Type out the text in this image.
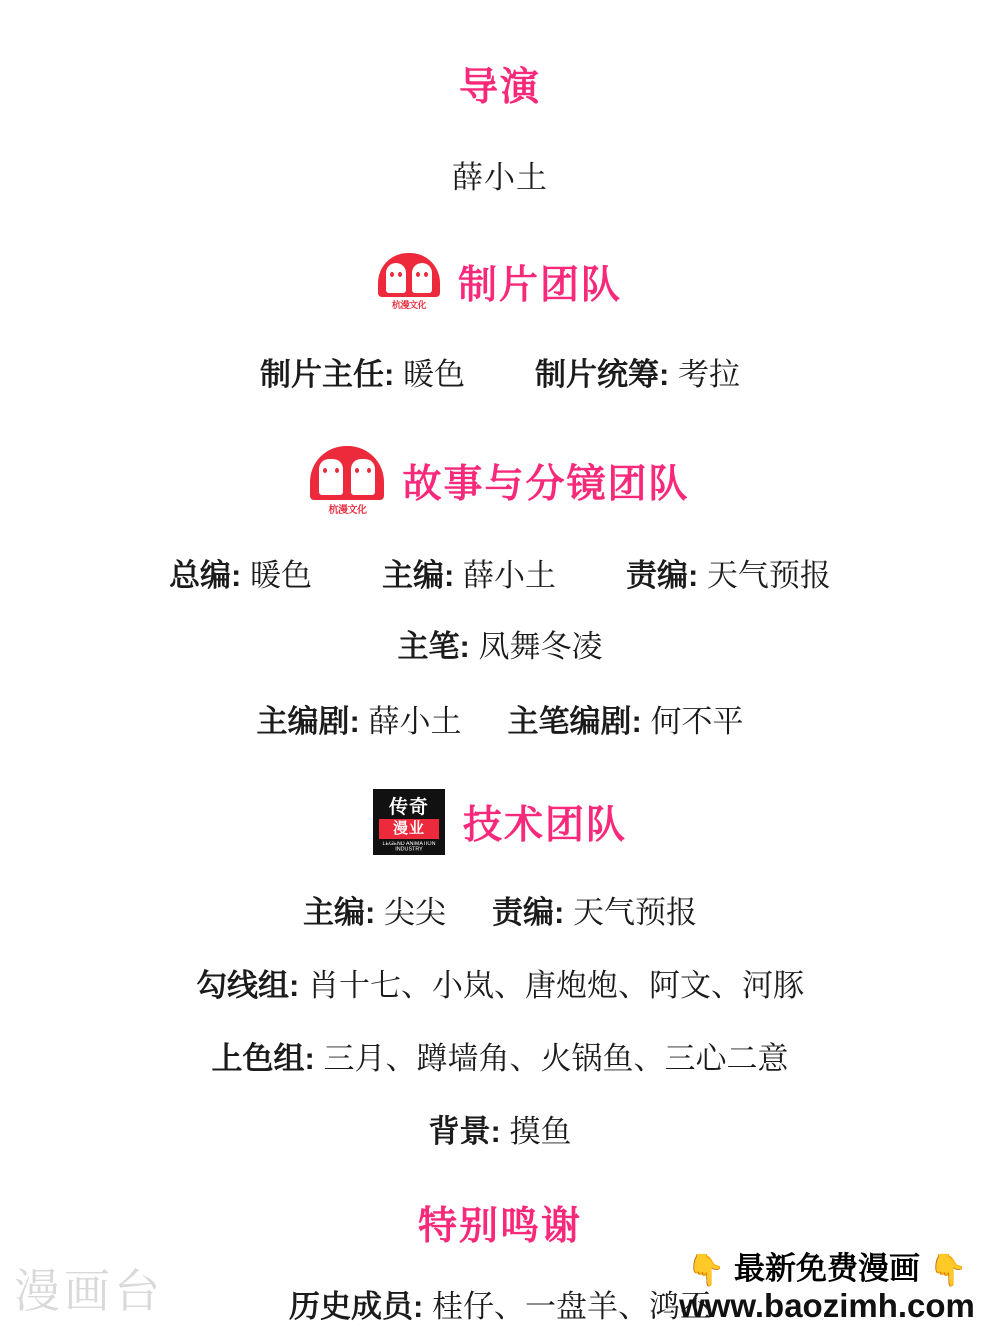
导演
薛小土
杭漫文化 制片团队
制片主任: 暖色 制片统筹: 考拉
杭漫文化
故事与分镜团队
总编: 暖色 主编: 薛小土 责编: 天气预报
主笔: 凤舞冬凌
主编剧: 薛小土 主笔编剧: 何不平
传奇
漫业
LEGEND ANIMATION INDUSTRY
技术团队
主编: 尖尖 责编: 天气预报
勾线组: 肖十七、小岚、唐炮炮、阿文、河豚
上色组: 三月、蹲墙角、火锅鱼、三心二意
背景: 摸鱼
特别鸣谢
历史成员: 桂仔、一盘羊、鸿丕
漫画台	👇 最新免费漫画 👇
www.baozimh.com
